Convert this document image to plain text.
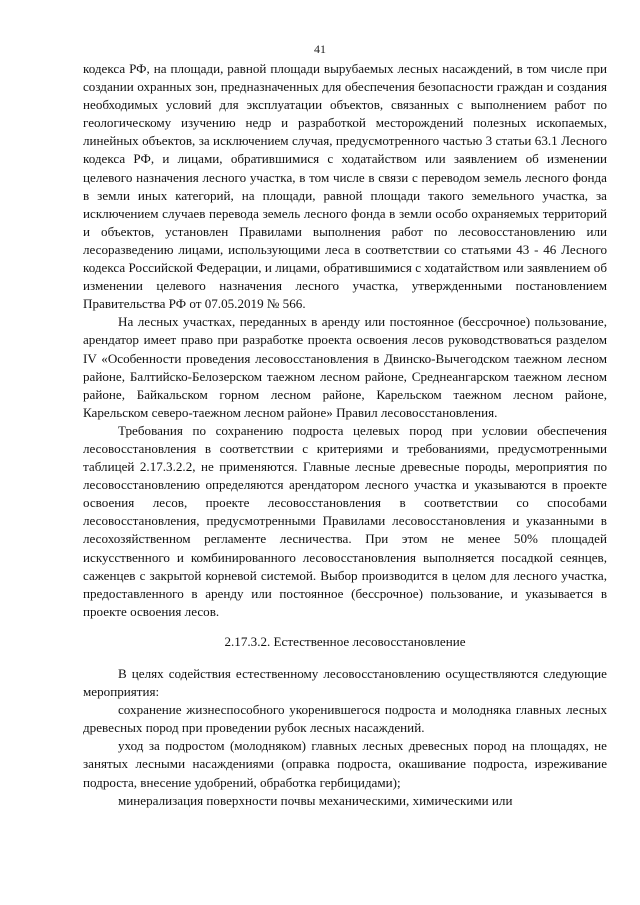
41

кодекса РФ, на площади, равной площади вырубаемых лесных насаждений, в том числе при создании охранных зон, предназначенных для обеспечения безопасности граждан и создания необходимых условий для эксплуатации объектов, связанных с выполнением работ по геологическому изучению недр и разработкой месторождений полезных ископаемых, линейных объектов, за исключением случая, предусмотренного частью 3 статьи 63.1 Лесного кодекса РФ, и лицами, обратившимися с ходатайством или заявлением об изменении целевого назначения лесного участка, в том числе в связи с переводом земель лесного фонда в земли иных категорий, на площади, равной площади такого земельного участка, за исключением случаев перевода земель лесного фонда в земли особо охраняемых территорий и объектов, установлен Правилами выполнения работ по лесовосстановлению или лесоразведению лицами, использующими леса в соответствии со статьями 43 - 46 Лесного кодекса Российской Федерации, и лицами, обратившимися с ходатайством или заявлением об изменении целевого назначения лесного участка, утвержденными постановлением Правительства РФ от 07.05.2019 № 566.

На лесных участках, переданных в аренду или постоянное (бессрочное) пользование, арендатор имеет право при разработке проекта освоения лесов руководствоваться разделом IV «Особенности проведения лесовосстановления в Двинско-Вычегодском таежном лесном районе, Балтийско-Белозерском таежном лесном районе, Среднеангарском таежном лесном районе, Байкальском горном лесном районе, Карельском таежном лесном районе, Карельском северо-таежном лесном районе» Правил лесовосстановления.

Требования по сохранению подроста целевых пород при условии обеспечения лесовосстановления в соответствии с критериями и требованиями, предусмотренными таблицей 2.17.3.2.2, не применяются. Главные лесные древесные породы, мероприятия по лесовосстановлению определяются арендатором лесного участка и указываются в проекте освоения лесов, проекте лесовосстановления в соответствии со способами лесовосстановления, предусмотренными Правилами лесовосстановления и указанными в лесохозяйственном регламенте лесничества. При этом не менее 50% площадей искусственного и комбинированного лесовосстановления выполняется посадкой сеянцев, саженцев с закрытой корневой системой. Выбор производится в целом для лесного участка, предоставленного в аренду или постоянное (бессрочное) пользование, и указывается в проекте освоения лесов.

2.17.3.2. Естественное лесовосстановление

В целях содействия естественному лесовосстановлению осуществляются следующие мероприятия:

сохранение жизнеспособного укоренившегося подроста и молодняка главных лесных древесных пород при проведении рубок лесных насаждений.

уход за подростом (молодняком) главных лесных древесных пород на площадях, не занятых лесными насаждениями (оправка подроста, окашивание подроста, изреживание подроста, внесение удобрений, обработка гербицидами);

минерализация поверхности почвы механическими, химическими или
